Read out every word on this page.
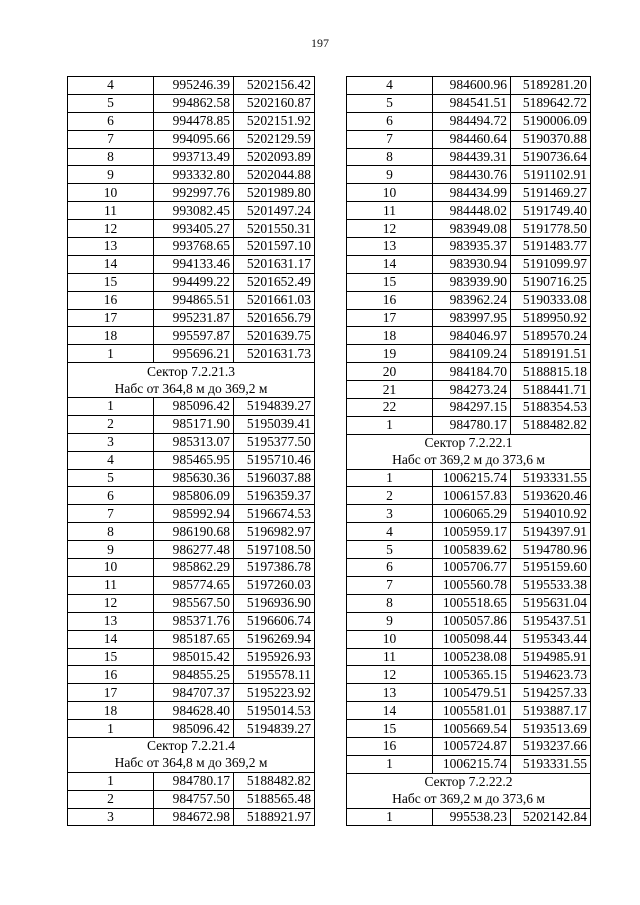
197
4	995246.39	5202156.42
5	994862.58	5202160.87
6	994478.85	5202151.92
7	994095.66	5202129.59
8	993713.49	5202093.89
9	993332.80	5202044.88
10	992997.76	5201989.80
11	993082.45	5201497.24
12	993405.27	5201550.31
13	993768.65	5201597.10
14	994133.46	5201631.17
15	994499.22	5201652.49
16	994865.51	5201661.03
17	995231.87	5201656.79
18	995597.87	5201639.75
1	995696.21	5201631.73
Сектор 7.2.21.3		
Набс от 364,8 м до 369,2 м		
1	985096.42	5194839.27
2	985171.90	5195039.41
3	985313.07	5195377.50
4	985465.95	5195710.46
5	985630.36	5196037.88
6	985806.09	5196359.37
7	985992.94	5196674.53
8	986190.68	5196982.97
9	986277.48	5197108.50
10	985862.29	5197386.78
11	985774.65	5197260.03
12	985567.50	5196936.90
13	985371.76	5196606.74
14	985187.65	5196269.94
15	985015.42	5195926.93
16	984855.25	5195578.11
17	984707.37	5195223.92
18	984628.40	5195014.53
1	985096.42	5194839.27
Сектор 7.2.21.4		
Набс от 364,8 м до 369,2 м		
1	984780.17	5188482.82
2	984757.50	5188565.48
3	984672.98	5188921.97
4	984600.96	5189281.20
5	984541.51	5189642.72
6	984494.72	5190006.09
7	984460.64	5190370.88
8	984439.31	5190736.64
9	984430.76	5191102.91
10	984434.99	5191469.27
11	984448.02	5191749.40
12	983949.08	5191778.50
13	983935.37	5191483.77
14	983930.94	5191099.97
15	983939.90	5190716.25
16	983962.24	5190333.08
17	983997.95	5189950.92
18	984046.97	5189570.24
19	984109.24	5189191.51
20	984184.70	5188815.18
21	984273.24	5188441.71
22	984297.15	5188354.53
1	984780.17	5188482.82
Сектор 7.2.22.1		
Набс от 369,2 м до 373,6 м		
1	1006215.74	5193331.55
2	1006157.83	5193620.46
3	1006065.29	5194010.92
4	1005959.17	5194397.91
5	1005839.62	5194780.96
6	1005706.77	5195159.60
7	1005560.78	5195533.38
8	1005518.65	5195631.04
9	1005057.86	5195437.51
10	1005098.44	5195343.44
11	1005238.08	5194985.91
12	1005365.15	5194623.73
13	1005479.51	5194257.33
14	1005581.01	5193887.17
15	1005669.54	5193513.69
16	1005724.87	5193237.66
1	1006215.74	5193331.55
Сектор 7.2.22.2		
Набс от 369,2 м до 373,6 м		
1	995538.23	5202142.84
